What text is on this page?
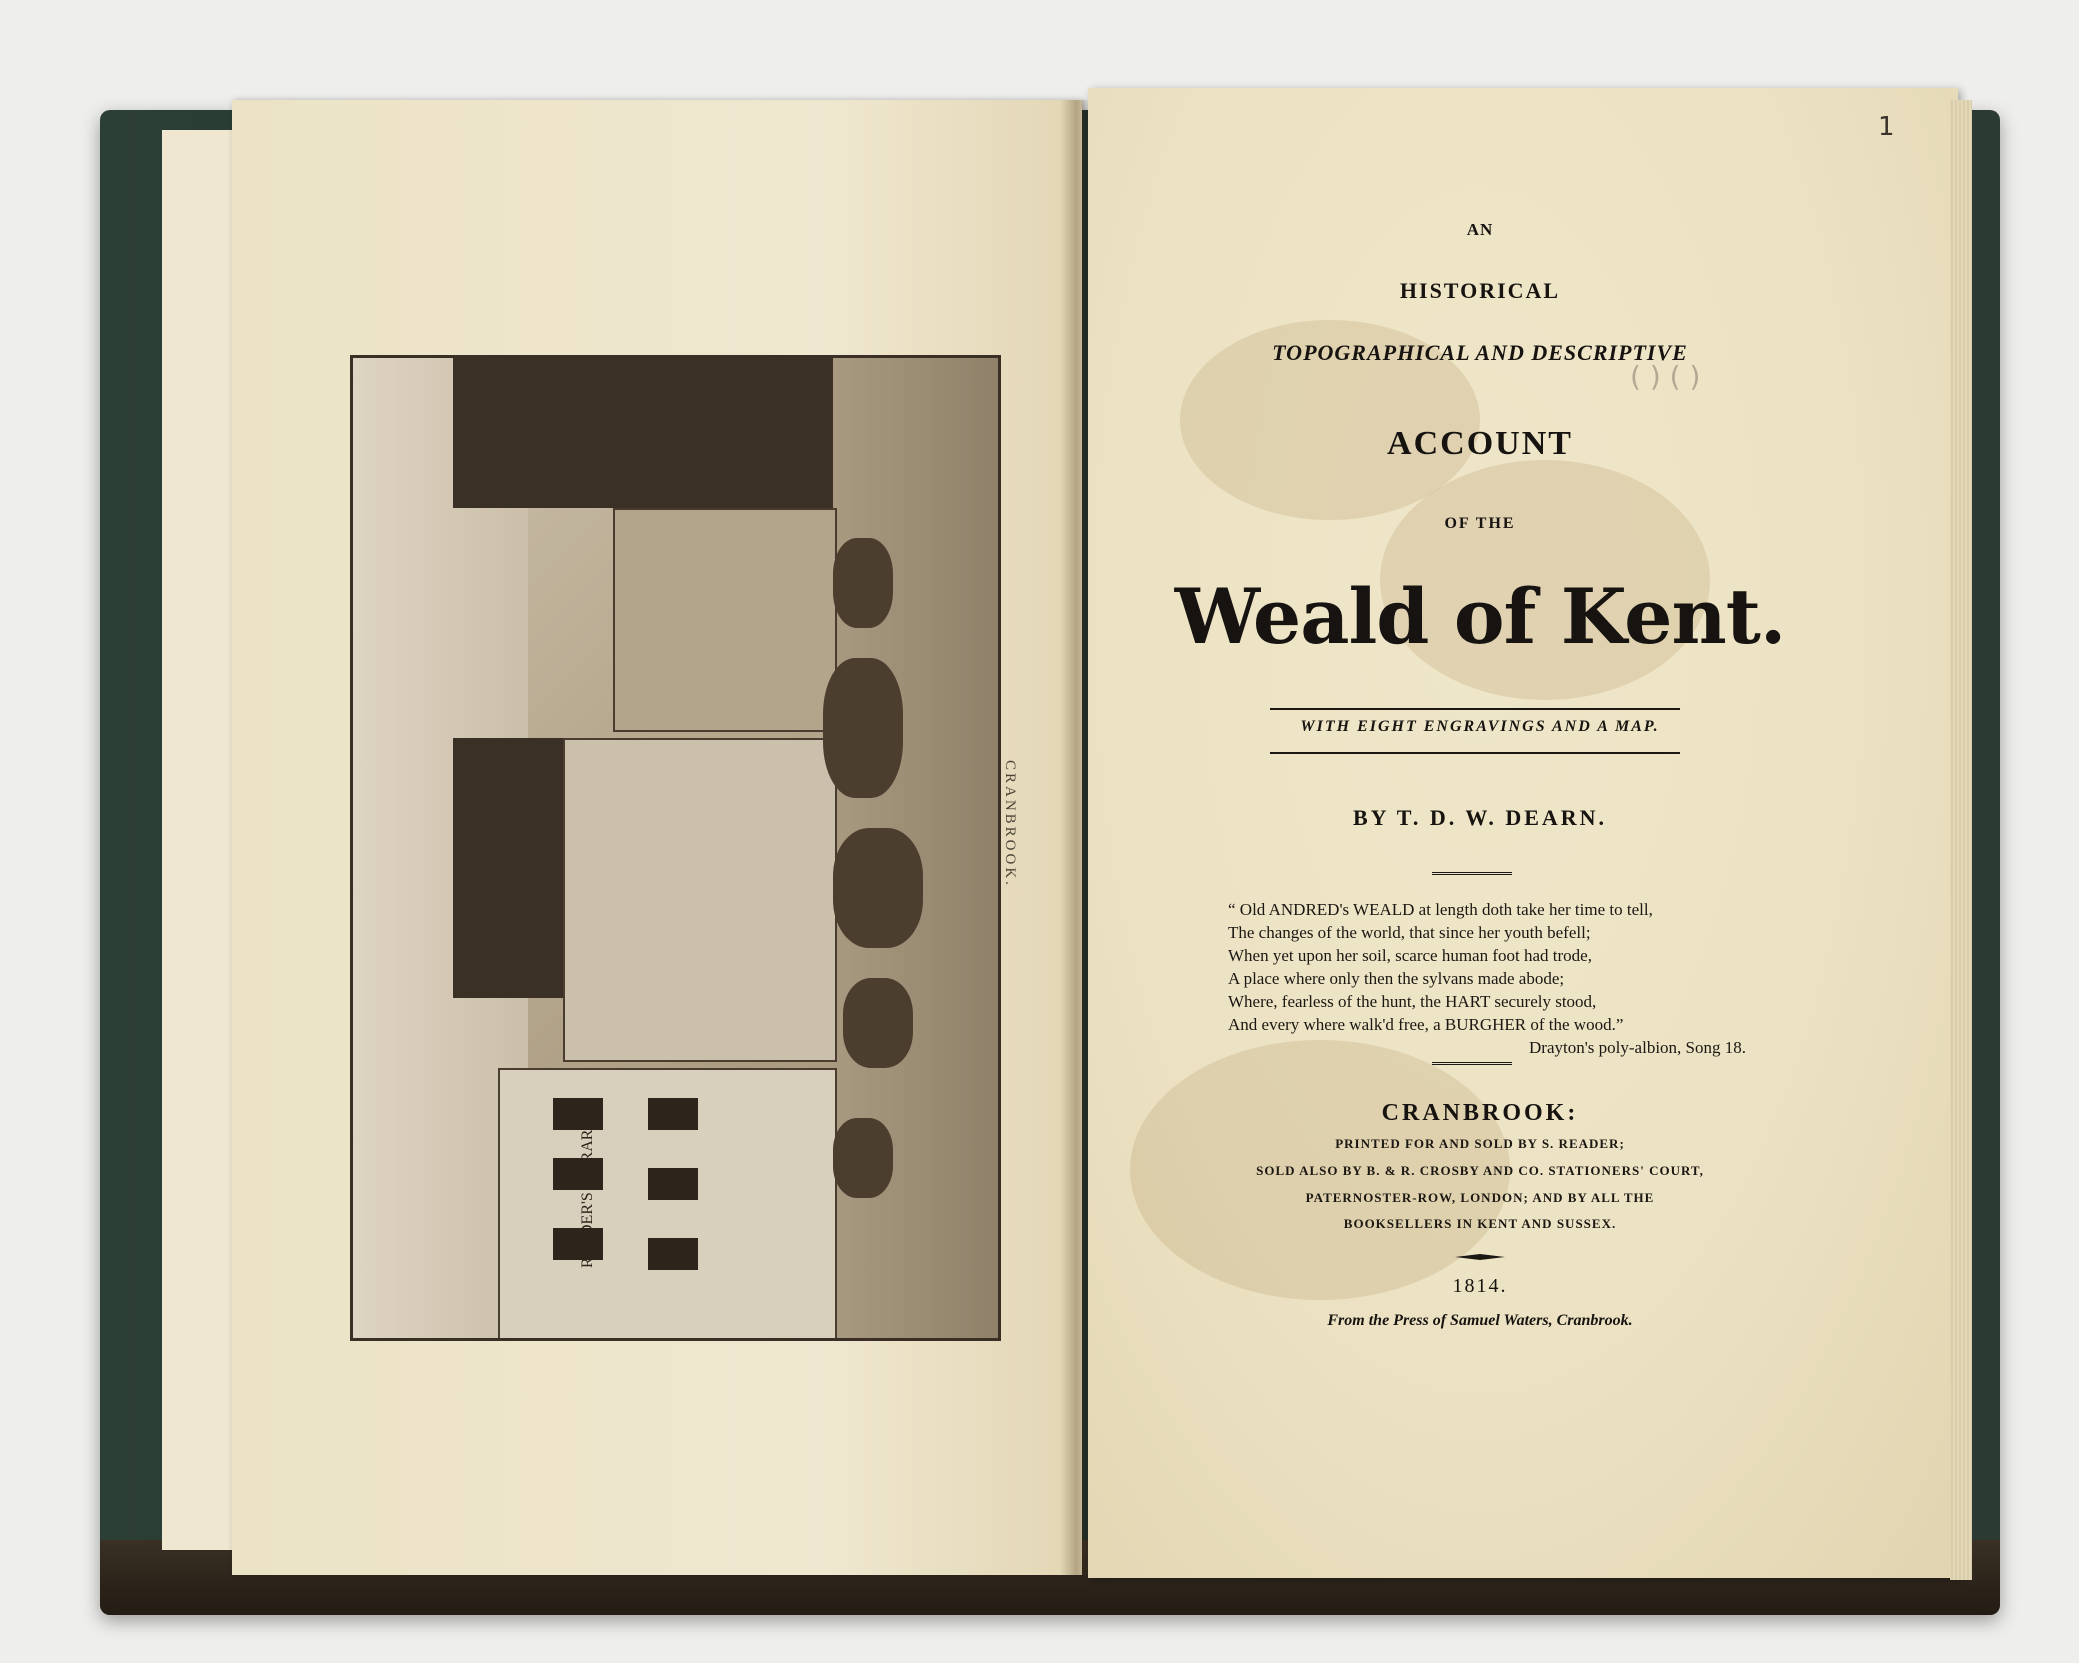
READER'S LIBRARY.
CRANBROOK.
1
( ) ( )
AN
HISTORICAL
TOPOGRAPHICAL AND DESCRIPTIVE
ACCOUNT
OF THE
Weald of Kent.
WITH EIGHT ENGRAVINGS AND A MAP.
BY T. D. W. DEARN.
“ Old ANDRED's WEALD at length doth take her time to tell,
The changes of the world, that since her youth befell;
When yet upon her soil, scarce human foot had trode,
A place where only then the sylvans made abode;
Where, fearless of the hunt, the HART securely stood,
And every where walk'd free, a BURGHER of the wood.”
Drayton's poly-albion, Song 18.
CRANBROOK:
PRINTED FOR AND SOLD BY S. READER;
SOLD ALSO BY B. & R. CROSBY AND CO. STATIONERS' COURT,
PATERNOSTER-ROW, LONDON; AND BY ALL THE
BOOKSELLERS IN KENT AND SUSSEX.
1814.
From the Press of Samuel Waters, Cranbrook.
